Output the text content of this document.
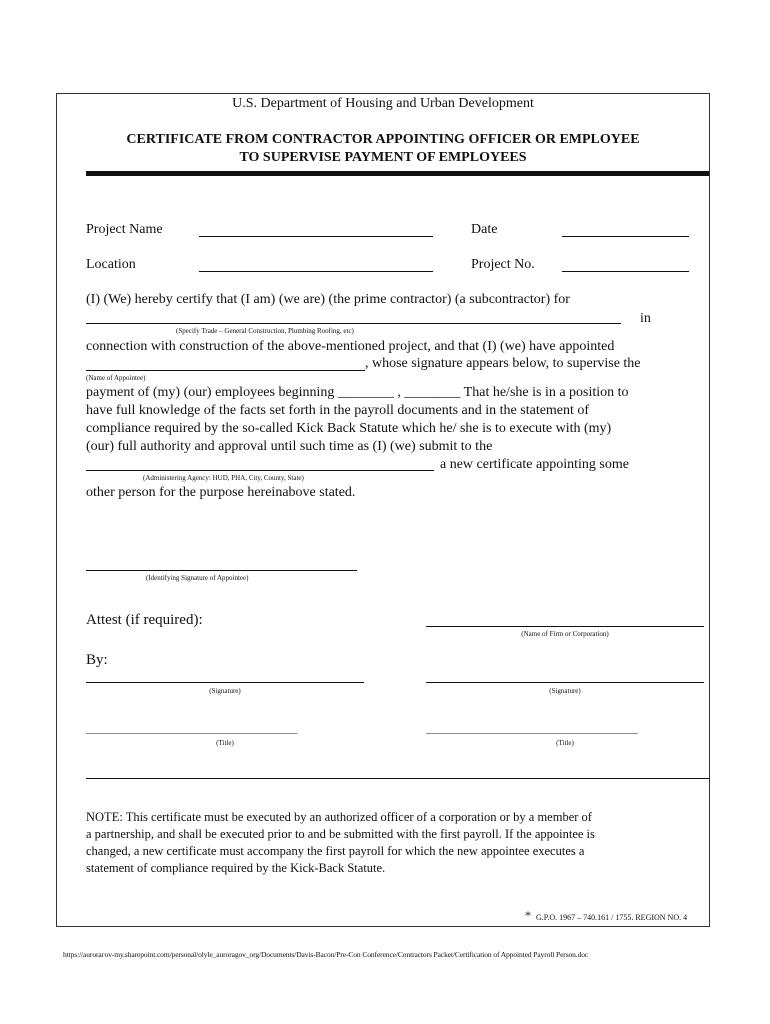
U.S. Department of Housing and Urban Development
CERTIFICATE FROM CONTRACTOR APPOINTING OFFICER OR EMPLOYEE
TO SUPERVISE PAYMENT OF EMPLOYEES
Project Name	Date
Location	Project No.
(I) (We) hereby certify that (I am) (we are) (the prime contractor) (a subcontractor) for
in
(Specify Trade – General Construction, Plumbing Roofing, etc)
connection with construction of the above-mentioned project, and that (I) (we) have appointed
, whose signature appears below, to supervise the
(Name of Appointee)
payment of (my) (our) employees beginning ________ , ________ That he/she is in a position to
have full knowledge of the facts set forth in the payroll documents and in the statement of
compliance required by the so-called Kick Back Statute which he/ she is to execute with (my)
(our) full authority and approval until such time as (I) (we) submit to the
a new certificate appointing some
(Administering Agency: HUD, PHA, City, County, State)
other person for the purpose hereinabove stated.
(Identifying Signature of Appointee)
Attest (if required):
(Name of Firm or Corporation)
By:
(Signature)	(Signature)
_______________________________________________
(Title)
_______________________________________________
(Title)
NOTE: This certificate must be executed by an authorized officer of a corporation or by a member of
a partnership, and shall be executed prior to and be submitted with the first payroll. If the appointee is
changed, a new certificate must accompany the first payroll for which the new appointee executes a
statement of compliance required by the Kick-Back Statute.
* G.P.O. 1967 – 740.161 / 1755. REGION NO. 4
https://aurorагov-my.sharepoint.com/personal/olyle_auroragov_org/Documents/Davis-Bacon/Pre-Con Conference/Contractors Packet/Certification of Appointed Payroll Person.doc
